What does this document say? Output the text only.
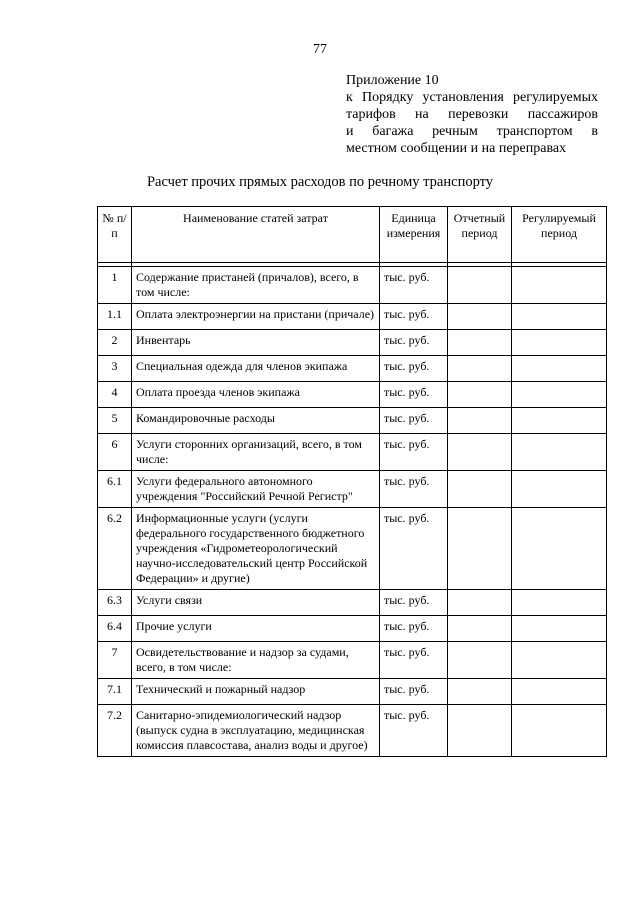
77
Приложение 10
к Порядку установления регулируемых
тарифов на перевозки пассажиров
и багажа речным транспортом в
местном сообщении и на переправах
Расчет прочих прямых расходов по речному транспорту
№ п/п	Наименование статей затрат	Единица измерения	Отчетный период	Регулируемый период

1	Содержание пристаней (причалов), всего, в том числе:	тыс. руб.		
1.1	Оплата электроэнергии на пристани (причале)	тыс. руб.		
2	Инвентарь	тыс. руб.		
3	Специальная одежда для членов экипажа	тыс. руб.		
4	Оплата проезда членов экипажа	тыс. руб.		
5	Командировочные расходы	тыс. руб.		
6	Услуги сторонних организаций, всего, в том числе:	тыс. руб.		
6.1	Услуги федерального автономного учреждения "Российский Речной Регистр"	тыс. руб.		
6.2	Информационные услуги (услуги федерального государственного бюджетного учреждения «Гидрометеорологический научно-исследовательский центр Российской Федерации» и другие)	тыс. руб.		
6.3	Услуги связи	тыс. руб.		
6.4	Прочие услуги	тыс. руб.		
7	Освидетельствование и надзор за судами, всего, в том числе:	тыс. руб.		
7.1	Технический и пожарный надзор	тыс. руб.		
7.2	Санитарно-эпидемиологический надзор (выпуск судна в эксплуатацию, медицинская комиссия плавсостава, анализ воды и другое)	тыс. руб.		
